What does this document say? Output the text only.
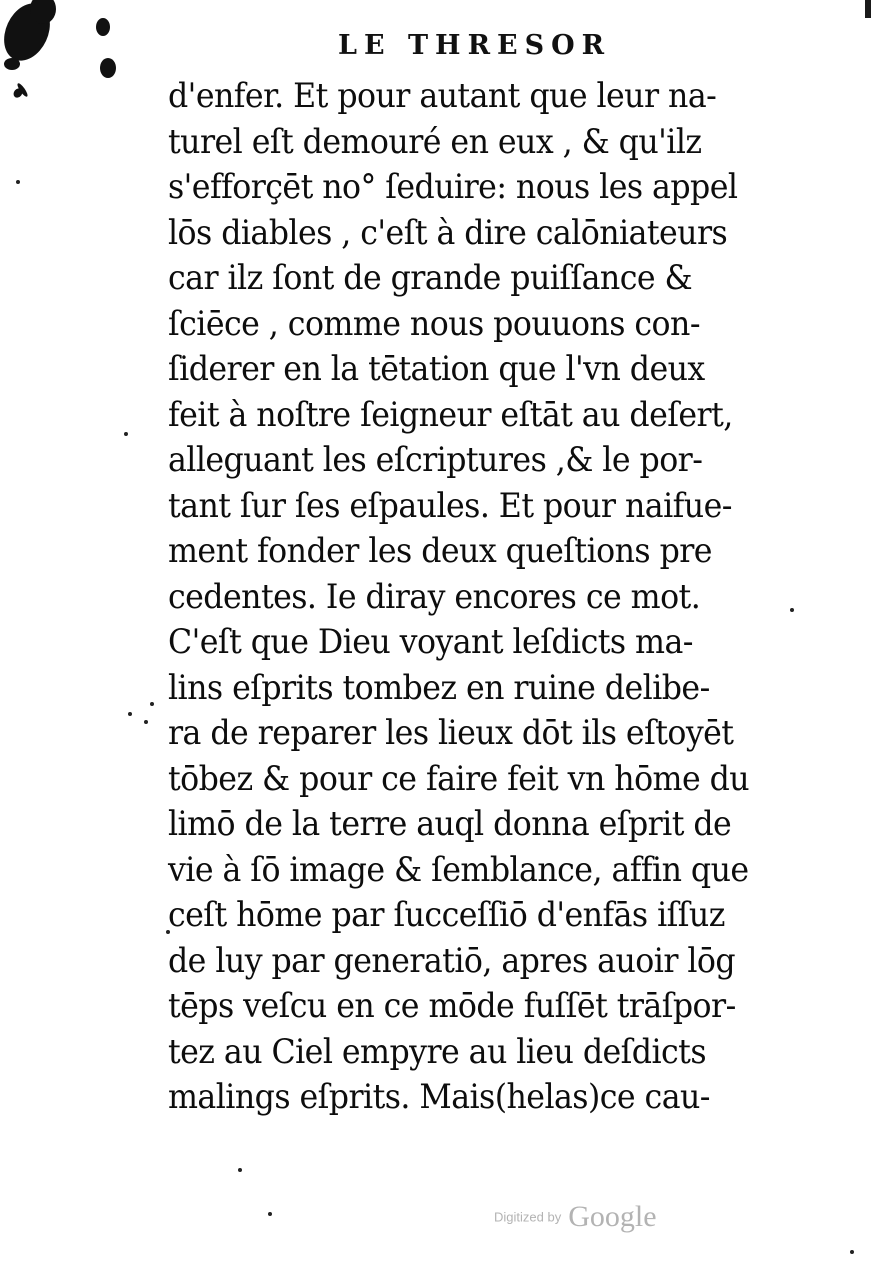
LE THRESOR
d'enfer. Et pour autant que leur na-
turel eſt demouré en eux , & qu'ilz
s'efforçēt no° ſeduire: nous les appel
lōs diables , c'eſt à dire calōniateurs
car ilz ſont de grande puiſſance &
ſciēce , comme nous pouuons con-
ſiderer en la tētation que l'vn deux
feit à noſtre ſeigneur eſtāt au deſert,
alleguant les eſcriptures ,& le por-
tant ſur ſes eſpaules. Et pour naifue-
ment fonder les deux queſtions pre
cedentes. Ie diray encores ce mot.
C'eſt que Dieu voyant leſdicts ma-
lins eſprits tombez en ruine delibe-
ra de reparer les lieux dōt ils eſtoyēt
tōbez & pour ce faire feit vn hōme du
limō de la terre auql donna eſprit de
vie à ſō image & ſemblance, affin que
ceſt hōme par ſucceſſiō d'enfās iſſuz
de luy par generatiō, apres auoir lōg
tēps veſcu en ce mōde fuſſēt trāſpor-
tez au Ciel empyre au lieu deſdicts
malings eſprits. Mais(helas)ce cau-
Digitized by Google
